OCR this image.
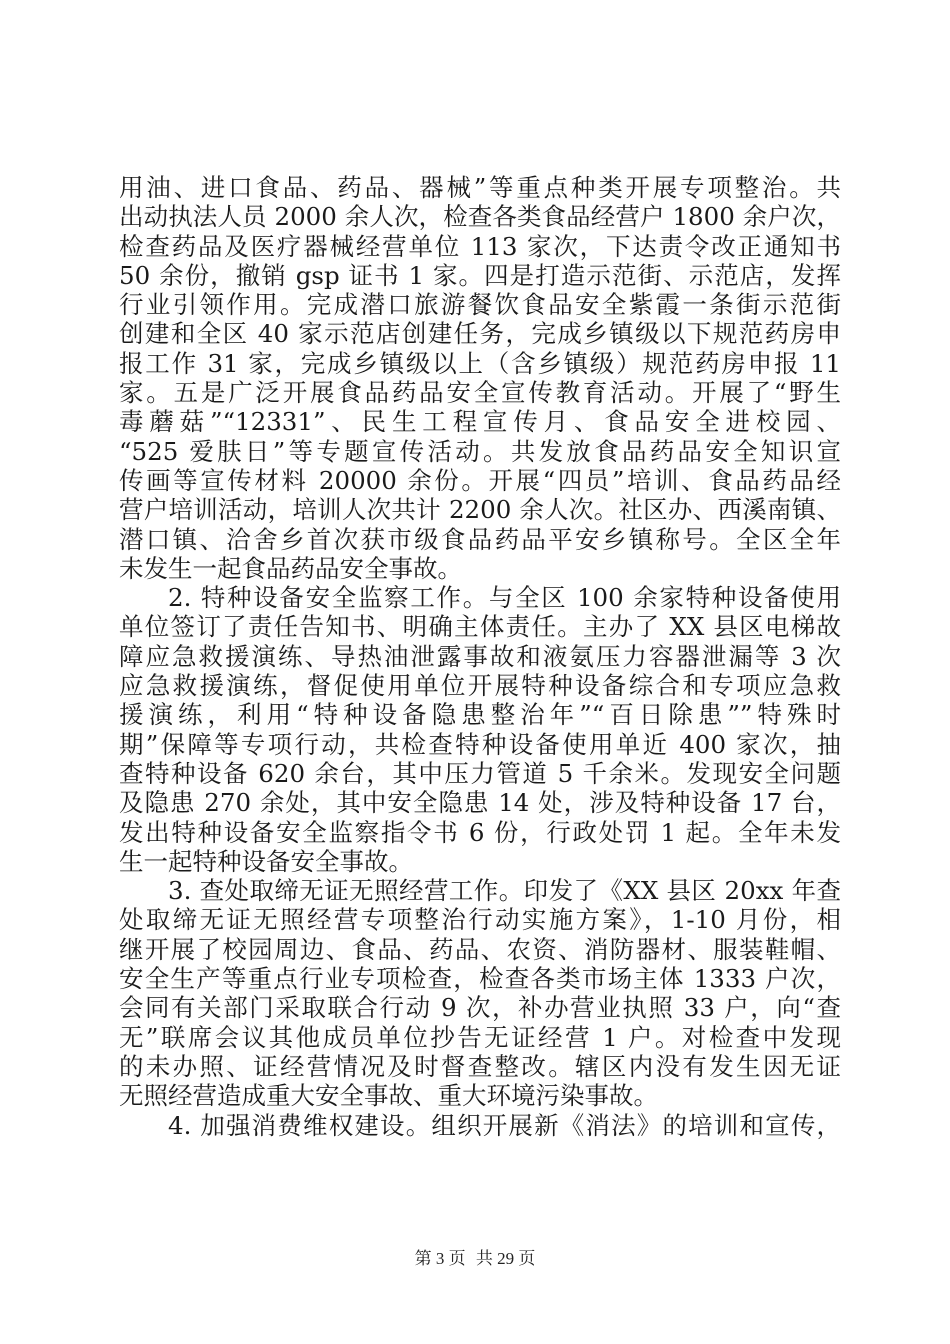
用油、进口食品、药品、器械”等重点种类开展专项整治。共
出动执法人员 2000 余人次，检查各类食品经营户 1800 余户次，
检查药品及医疗器械经营单位 113 家次，下达责令改正通知书
50 余份，撤销 gsp 证书 1 家。四是打造示范街、示范店，发挥
行业引领作用。完成潜口旅游餐饮食品安全紫霞一条街示范街
创建和全区 40 家示范店创建任务，完成乡镇级以下规范药房申
报工作 31 家，完成乡镇级以上（含乡镇级）规范药房申报 11
家。五是广泛开展食品药品安全宣传教育活动。开展了“野生
毒蘑菇”“12331”、民生工程宣传月、食品安全进校园、
“525 爱肤日”等专题宣传活动。共发放食品药品安全知识宣
传画等宣传材料 20000 余份。开展“四员”培训、食品药品经
营户培训活动，培训人次共计 2200 余人次。社区办、西溪南镇、
潜口镇、洽舍乡首次获市级食品药品平安乡镇称号。全区全年
未发生一起食品药品安全事故。
2. 特种设备安全监察工作。与全区 100 余家特种设备使用
单位签订了责任告知书、明确主体责任。主办了 XX 县区电梯故
障应急救援演练、导热油泄露事故和液氨压力容器泄漏等 3 次
应急救援演练，督促使用单位开展特种设备综合和专项应急救
援演练，利用“特种设备隐患整治年”“百日除患””特殊时
期”保障等专项行动，共检查特种设备使用单近 400 家次，抽
查特种设备 620 余台，其中压力管道 5 千余米。发现安全问题
及隐患 270 余处，其中安全隐患 14 处，涉及特种设备 17 台，
发出特种设备安全监察指令书 6 份，行政处罚 1 起。全年未发
生一起特种设备安全事故。
3. 查处取缔无证无照经营工作。印发了《XX 县区 20xx 年查
处取缔无证无照经营专项整治行动实施方案》，1-10 月份，相
继开展了校园周边、食品、药品、农资、消防器材、服装鞋帽、
安全生产等重点行业专项检查，检查各类市场主体 1333 户次，
会同有关部门采取联合行动 9 次，补办营业执照 33 户，向“查
无”联席会议其他成员单位抄告无证经营 1 户。对检查中发现
的未办照、证经营情况及时督查整改。辖区内没有发生因无证
无照经营造成重大安全事故、重大环境污染事故。
4. 加强消费维权建设。组织开展新《消法》的培训和宣传，
第 3 页 共 29 页
